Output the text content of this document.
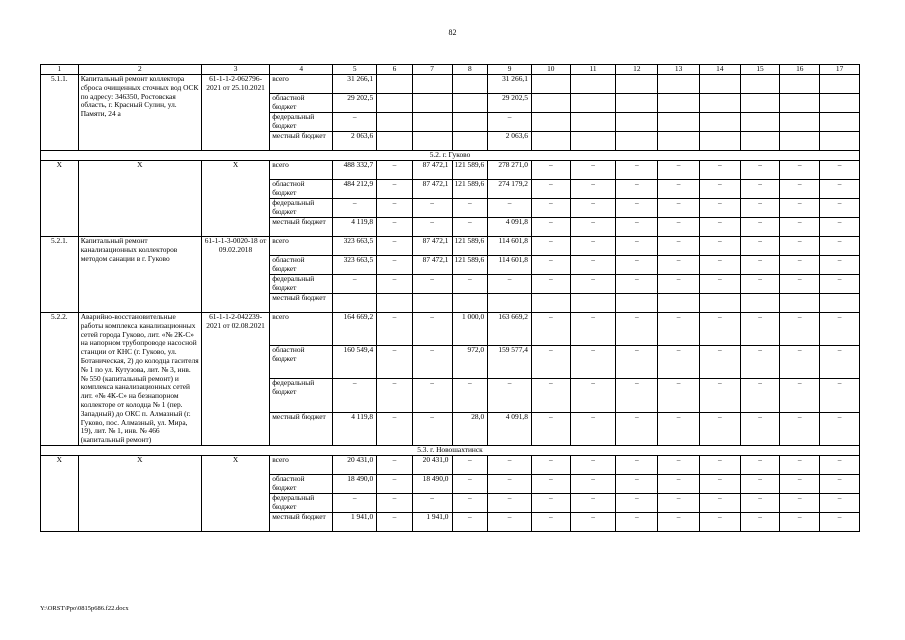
82
1	2	3	4	5	6	7	8	9	10	11	12	13	14	15	16	17
5.1.1.	Капитальный ремонт коллектора сброса очищенных сточных вод ОСК по адресу: 346350, Ростовская область, г. Красный Сулин, ул. Памяти, 24 а	61-1-1-2-062796-2021 от 25.10.2021	всего	31 266,1				31 266,1								
			областной бюджет	29 202,5				29 202,5								
			федеральный бюджет	–				–								
			местный бюджет	2 063,6				2 063,6								
5.2. г. Гуково																
Х	Х	Х	всего	488 332,7	–	87 472,1	121 589,6	278 271,0	–	–	–	–	–	–	–	–
			областной бюджет	484 212,9	–	87 472,1	121 589,6	274 179,2	–	–	–	–	–	–	–	–
			федеральный бюджет	–	–	–	–	–	–	–	–	–	–	–	–	–
			местный бюджет	4 119,8	–	–	–	4 091,8	–	–	–	–	–	–	–	–
5.2.1.	Капитальный ремонт канализационных коллекторов методом санации в г. Гуково	61-1-1-3-0020-18 от 09.02.2018	всего	323 663,5	–	87 472,1	121 589,6	114 601,8	–	–	–	–	–	–	–	–
			областной бюджет	323 663,5	–	87 472,1	121 589,6	114 601,8	–	–	–	–	–	–	–	–
			федеральный бюджет	–	–	–	–	–	–	–	–	–	–	–	–	–
			местный бюджет													
5.2.2.	Аварийно-восстановительные работы комплекса канализационных сетей города Гуково, лит. «№ 2К-С» на напорном трубопроводе насосной станции от КНС (г. Гуково, ул. Ботаническая, 2) до колодца гасителя № 1 по ул. Кутузова, лит. № 3, инв. № 550 (капитальный ремонт) и комплекса канализационных сетей лит. «№ 4К-С» на безнапорном коллекторе от колодца № 1 (пер. Западный) до ОКС п. Алмазный (г. Гуково, пос. Алмазный, ул. Мира, 19), лит. № 1, инв. № 466 (капитальный ремонт)	61-1-1-2-042239-2021 от 02.08.2021	всего	164 669,2	–	–	1 000,0	163 669,2	–	–	–	–	–	–	–	–
			областной бюджет	160 549,4	–	–	972,0	159 577,4	–	–	–	–	–	–	–	–
			федеральный бюджет	–	–	–	–	–	–	–	–	–	–	–	–	–
			местный бюджет	4 119,8	–	–	28,0	4 091,8	–	–	–	–	–	–	–	–
5.3. г. Новошахтинск																
Х	Х	Х	всего	20 431,0	–	20 431,0	–	–	–	–	–	–	–	–	–	–
			областной бюджет	18 490,0	–	18 490,0	–	–	–	–	–	–	–	–	–	–
			федеральный бюджет	–	–	–	–	–	–	–	–	–	–	–	–	–
			местный бюджет	1 941,0	–	1 941,0	–	–	–	–	–	–	–	–	–	–
Y:\ORST\Ppo\0815p686.f22.docx
